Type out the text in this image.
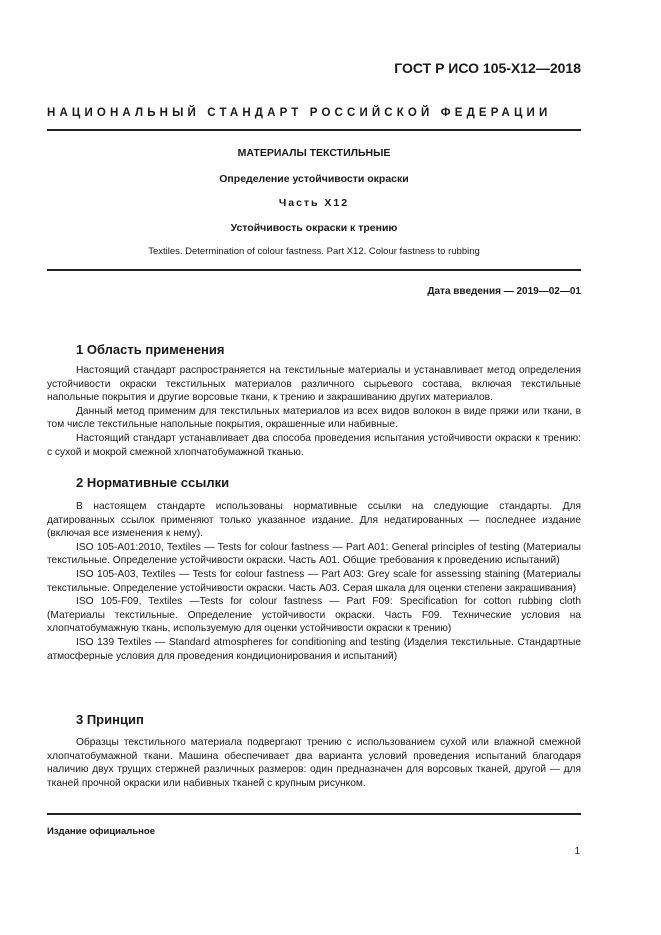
ГОСТ Р ИСО 105-X12—2018
НАЦИОНАЛЬНЫЙ СТАНДАРТ РОССИЙСКОЙ ФЕДЕРАЦИИ
МАТЕРИАЛЫ ТЕКСТИЛЬНЫЕ
Определение устойчивости окраски
Часть X12
Устойчивость окраски к трению
Textiles. Determination of colour fastness. Part X12. Colour fastness to rubbing
Дата введения — 2019—02—01
1 Область применения
Настоящий стандарт распространяется на текстильные материалы и устанавливает метод определения устойчивости окраски текстильных материалов различного сырьевого состава, включая текстильные напольные покрытия и другие ворсовые ткани, к трению и закрашиванию других материалов.
Данный метод применим для текстильных материалов из всех видов волокон в виде пряжи или ткани, в том числе текстильные напольные покрытия, окрашенные или набивные.
Настоящий стандарт устанавливает два способа проведения испытания устойчивости окраски к трению: с сухой и мокрой смежной хлопчатобумажной тканью.
2 Нормативные ссылки
В настоящем стандарте использованы нормативные ссылки на следующие стандарты. Для датированных ссылок применяют только указанное издание. Для недатированных — последнее издание (включая все изменения к нему).
ISO 105-A01:2010, Textiles — Tests for colour fastness — Part A01: General principles of testing (Материалы текстильные. Определение устойчивости окраски. Часть A01. Общие требования к проведению испытаний)
ISO 105-A03, Textiles — Tests for colour fastness — Part A03: Grey scale for assessing staining (Материалы текстильные. Определение устойчивости окраски. Часть A03. Серая шкала для оценки степени закрашивания)
ISO 105-F09, Textiles —Tests for colour fastness — Part F09: Specification for cotton rubbing cloth (Материалы текстильные. Определение устойчивости окраски. Часть F09. Технические условия на хлопчатобумажную ткань, используемую для оценки устойчивости окраски к трению)
ISO 139 Textiles — Standard atmospheres for conditioning and testing (Изделия текстильные. Стандартные атмосферные условия для проведения кондиционирования и испытаний)
3 Принцип
Образцы текстильного материала подвергают трению с использованием сухой или влажной смежной хлопчатобумажной ткани. Машина обеспечивает два варианта условий проведения испытаний благодаря наличию двух трущих стержней различных размеров: один предназначен для ворсовых тканей, другой — для тканей прочной окраски или набивных тканей с крупным рисунком.
Издание официальное
1
